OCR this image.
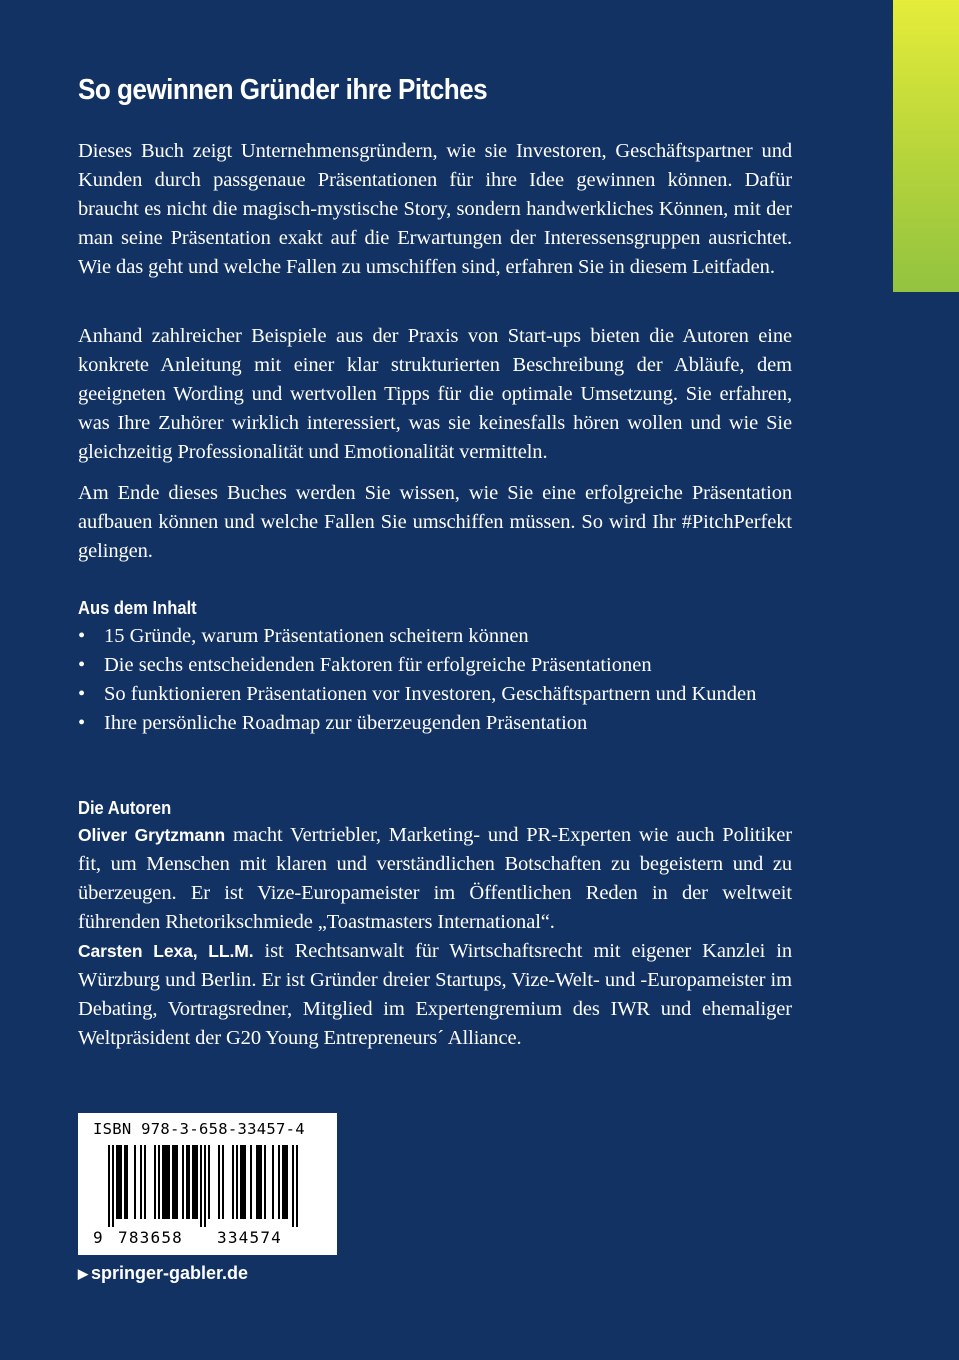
So gewinnen Gründer ihre Pitches

Dieses Buch zeigt Unternehmensgründern, wie sie Investoren, Geschäftspartner und Kunden durch passgenaue Präsentationen für ihre Idee gewinnen können. Dafür braucht es nicht die magisch-mystische Story, sondern handwerkliches Können, mit der man seine Präsentation exakt auf die Erwartungen der Interessensgruppen ausrichtet. Wie das geht und welche Fallen zu umschiffen sind, erfahren Sie in diesem Leitfaden.

Anhand zahlreicher Beispiele aus der Praxis von Start-ups bieten die Autoren eine konkrete Anleitung mit einer klar strukturierten Beschreibung der Abläufe, dem geeigneten Wording und wertvollen Tipps für die optimale Umsetzung. Sie erfahren, was Ihre Zuhörer wirklich interessiert, was sie keinesfalls hören wollen und wie Sie gleichzeitig Professionalität und Emotionalität vermitteln.

Am Ende dieses Buches werden Sie wissen, wie Sie eine erfolgreiche Präsentation aufbauen können und welche Fallen Sie umschiffen müssen. So wird Ihr #PitchPerfekt gelingen.

Aus dem Inhalt
• 15 Gründe, warum Präsentationen scheitern können
• Die sechs entscheidenden Faktoren für erfolgreiche Präsentationen
• So funktionieren Präsentationen vor Investoren, Geschäftspartnern und Kunden
• Ihre persönliche Roadmap zur überzeugenden Präsentation
Die Autoren

Oliver Grytzmann macht Vertriebler, Marketing- und PR-Experten wie auch Politiker fit, um Menschen mit klaren und verständlichen Botschaften zu begeistern und zu überzeugen. Er ist Vize-Europameister im Öffentlichen Reden in der weltweit führenden Rhetorikschmiede „Toastmasters International“.
Carsten Lexa, LL.M. ist Rechtsanwalt für Wirtschaftsrecht mit eigener Kanzlei in Würzburg und Berlin. Er ist Gründer dreier Startups, Vize-Welt- und -Europameister im Debating, Vortragsredner, Mitglied im Expertengremium des IWR und ehemaliger Weltpräsident der G20 Young Entrepreneurs´ Alliance.

ISBN 978-3-658-33457-4
9 783658 334574
▶ springer-gabler.de
